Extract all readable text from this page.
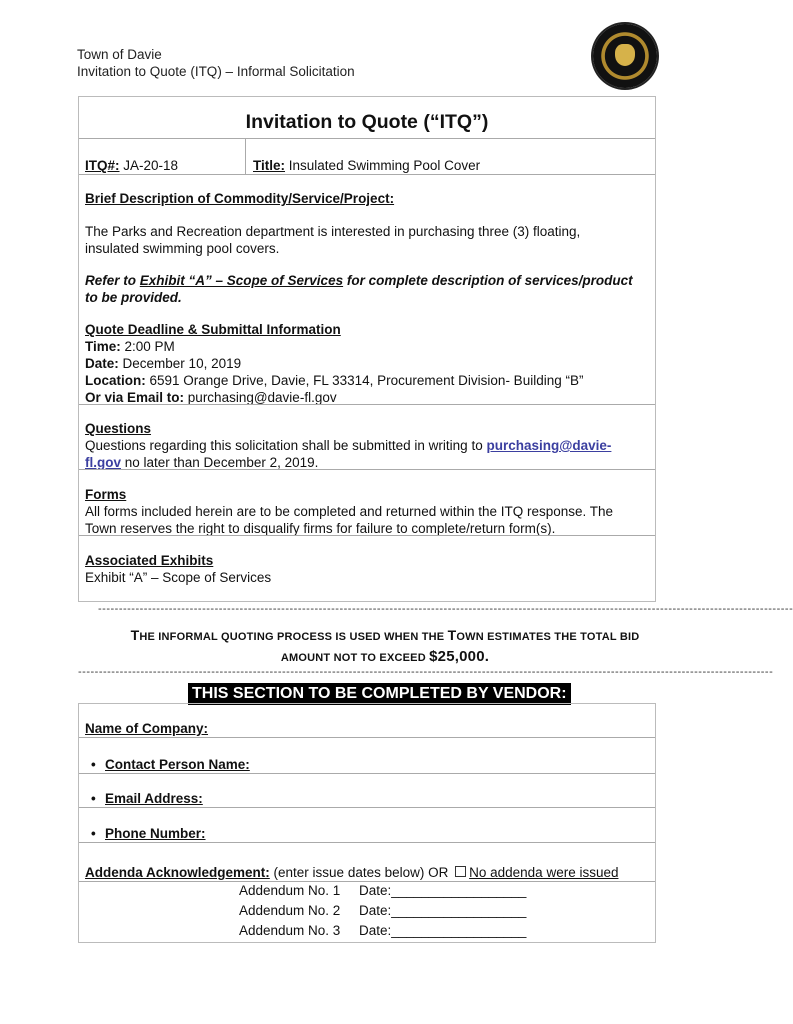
Town of Davie
Invitation to Quote (ITQ) – Informal Solicitation
Invitation to Quote (“ITQ”)
ITQ#: JA-20-18	Title: Insulated Swimming Pool Cover
Brief Description of Commodity/Service/Project:
The Parks and Recreation department is interested in purchasing three (3) floating, insulated swimming pool covers.
Refer to Exhibit “A” – Scope of Services for complete description of services/product to be provided.
Quote Deadline & Submittal Information
Time: 2:00 PM
Date: December 10, 2019
Location: 6591 Orange Drive, Davie, FL 33314, Procurement Division- Building “B”
Or via Email to: purchasing@davie-fl.gov
Questions
Questions regarding this solicitation shall be submitted in writing to purchasing@davie-fl.gov no later than December 2, 2019.
Forms
All forms included herein are to be completed and returned within the ITQ response. The Town reserves the right to disqualify firms for failure to complete/return form(s).
Associated Exhibits
Exhibit “A” – Scope of Services
-----------------------------------------------------------------------------------------------------------------------------------------------------------------------
THE INFORMAL QUOTING PROCESS IS USED WHEN THE TOWN ESTIMATES THE TOTAL BID
AMOUNT NOT TO EXCEED $25,000.
-----------------------------------------------------------------------------------------------------------------------------------------------------------------------
THIS SECTION TO BE COMPLETED BY VENDOR:
Name of Company:
• Contact Person Name:
• Email Address:
• Phone Number:
Addenda Acknowledgement: (enter issue dates below) OR No addenda were issued
Addendum No. 1 Date:__________________
Addendum No. 2 Date:__________________
Addendum No. 3 Date:__________________
